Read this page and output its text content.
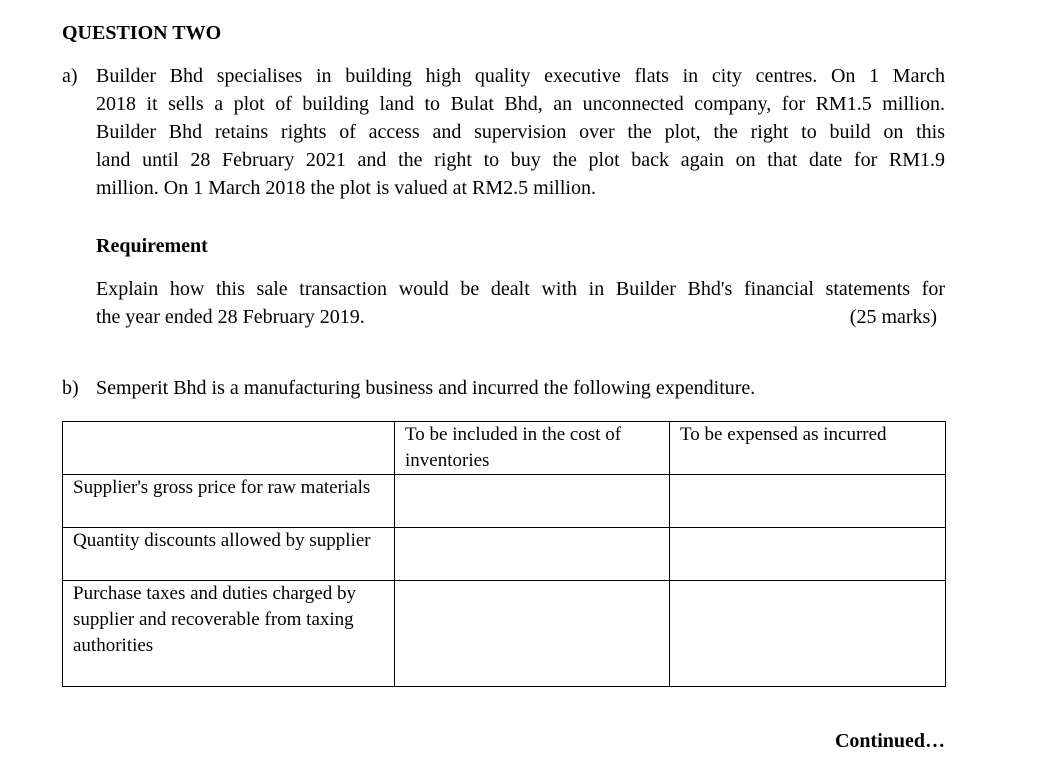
QUESTION TWO
a) Builder Bhd specialises in building high quality executive flats in city centres. On 1 March
2018 it sells a plot of building land to Bulat Bhd, an unconnected company, for RM1.5 million.
Builder Bhd retains rights of access and supervision over the plot, the right to build on this
land until 28 February 2021 and the right to buy the plot back again on that date for RM1.9
million. On 1 March 2018 the plot is valued at RM2.5 million.
Requirement
Explain how this sale transaction would be dealt with in Builder Bhd's financial statements for
the year ended 28 February 2019.	(25 marks)
b) Semperit Bhd is a manufacturing business and incurred the following expenditure.
	To be included in the cost of inventories	To be expensed as incurred
Supplier's gross price for raw materials		
Quantity discounts allowed by supplier		
Purchase taxes and duties charged by supplier and recoverable from taxing authorities		
Continued…
